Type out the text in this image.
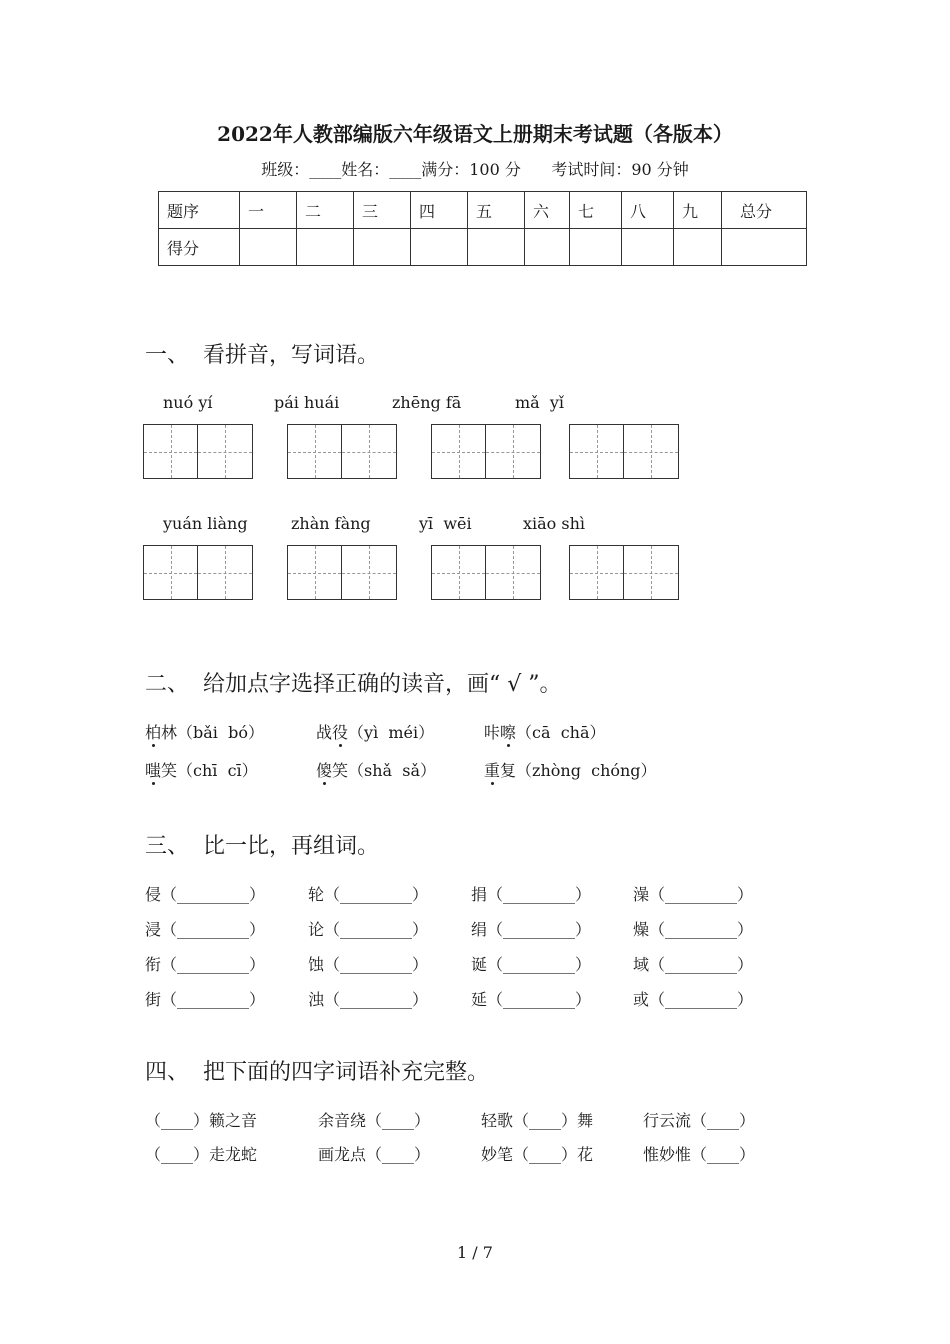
2022年人教部编版六年级语文上册期末考试题（各版本）
班级：____姓名：____满分：100 分      考试时间：90 分钟
题序	一	二	三	四	五	六	七	八	九	总分
得分										
一、  看拼音，写词语。
nuó yí	pái huái	zhēng fā	mǎ  yǐ
yuán liàng	zhàn fàng	yī  wēi	xiāo shì
二、  给加点字选择正确的读音，画“ √ ”。
柏林（bǎi  bó）	战役（yì  méi）	咔嚓（cā  chā）
嗤笑（chī  cī）	傻笑（shǎ  sǎ）	重复（zhòng  chóng）
三、  比一比，再组词。
侵（_________）	轮（_________）	捐（_________）	澡（_________）
浸（_________）	论（_________）	绢（_________）	燥（_________）
衔（_________）	蚀（_________）	诞（_________）	域（_________）
街（_________）	浊（_________）	延（_________）	或（_________）
四、  把下面的四字词语补充完整。
（____）籁之音	余音绕（____）	轻歌（____）舞	行云流（____）
（____）走龙蛇	画龙点（____）	妙笔（____）花	惟妙惟（____）
1 / 7
